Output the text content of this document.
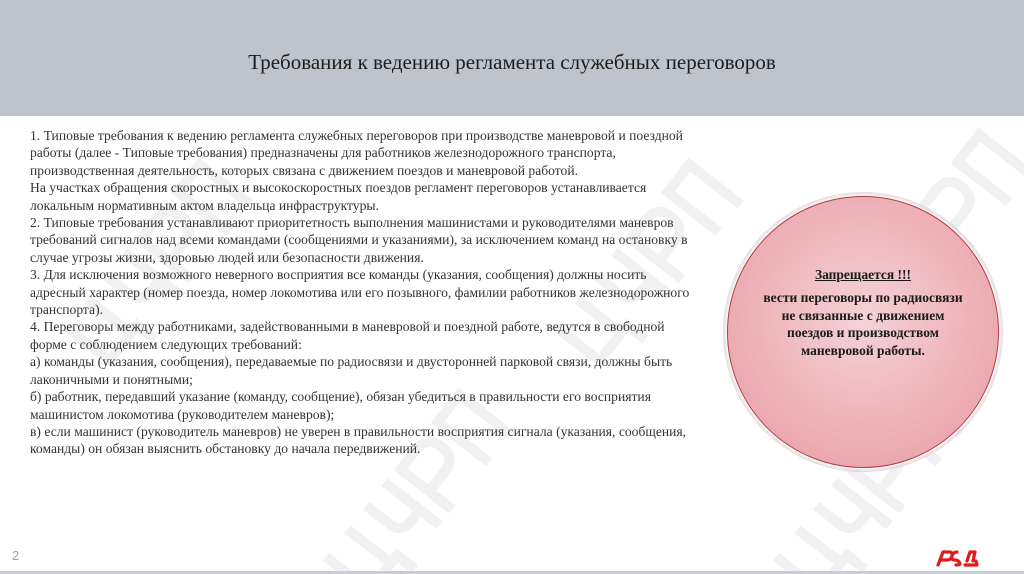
Требования к ведению регламента служебных переговоров

1. Типовые требования к ведению регламента служебных переговоров при производстве маневровой и поездной работы (далее - Типовые требования) предназначены для работников железнодорожного транспорта, производственная деятельность, которых связана с движением поездов и маневровой работой.

На участках обращения скоростных и высокоскоростных поездов регламент переговоров устанавливается локальным нормативным актом владельца инфраструктуры.

2. Типовые требования устанавливают приоритетность выполнения машинистами и руководителями маневров требований сигналов над всеми командами (сообщениями и указаниями), за исключением команд на остановку в случае угрозы жизни, здоровью людей или безопасности движения.

3. Для исключения возможного неверного восприятия все команды (указания, сообщения) должны носить адресный характер (номер поезда, номер локомотива или его позывного, фамилии работников железнодорожного транспорта).

4. Переговоры между работниками, задействованными в маневровой и поездной работе, ведутся в свободной форме с соблюдением следующих требований:

а) команды (указания, сообщения), передаваемые по радиосвязи и двусторонней парковой связи, должны быть лаконичными и понятными;

б) работник, передавший указание (команду, сообщение), обязан убедиться в правильности его восприятия машинистом локомотива (руководителем маневров);

в) если машинист (руководитель маневров) не уверен в правильности восприятия сигнала (указания, сообщения, команды) он обязан выяснить обстановку до начала передвижений.

Запрещается !!!
вести переговоры по радиосвязи не связанные с движением поездов и производством маневровой работы.
2
